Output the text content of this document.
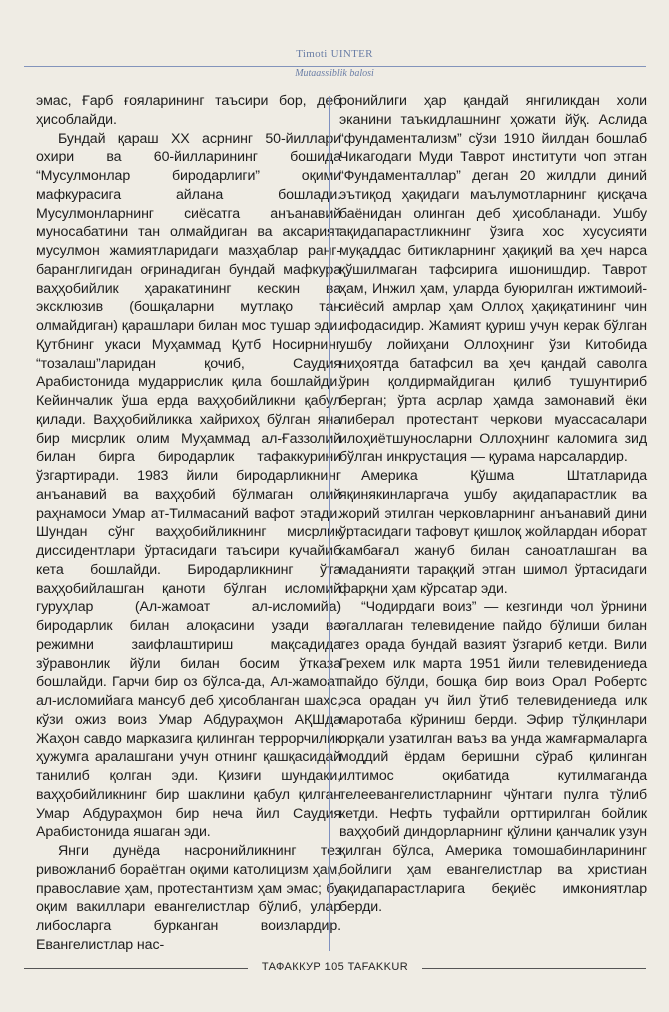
Timoti UINTER
Mutaassiblik balosi

эмас, Ғарб ғояларининг таъсири бор, деб ҳисоблайди.

Бундай қараш XX асрнинг 50-йиллари охири ва 60-йилларининг бошида “Мусулмонлар биродарлиги” оқими мафкурасига айлана бошлади. Мусулмонларнинг сиёсатга анъанавий муносабатини тан олмайдиган ва аксарият мусулмон жамиятларидаги мазҳаблар ранг-баранглигидан оғринадиган бундай мафкура ваҳҳобийлик ҳаракатининг кескин ва эксклюзив (бошқаларни мутлақо тан олмайдиган) қарашлари билан мос тушар эди. Қутбнинг укаси Муҳаммад Қутб Носирнинг “тозалаш”ларидан қочиб, Саудия Арабистонида мударрислик қила бошлайди. Кейинчалик ўша ерда ваҳҳобийликни қабул қилади. Ваҳҳобийликка хайрихоҳ бўлган яна бир мисрлик олим Муҳаммад ал-Ғаззолий билан бирга биродарлик тафаккурини ўзгартиради. 1983 йили биродарликнинг анъанавий ва ваҳҳобий бўлмаган олий раҳнамоси Умар ат-Тилмасаний вафот этади. Шундан сўнг ваҳҳобийликнинг мисрлик диссидентлари ўртасидаги таъсири кучайиб кета бошлайди. Биродарликнинг ўта ваҳҳобийлашган қаноти бўлган исломий гуруҳлар (Ал-жамоат ал-исломийа) биродарлик билан алоқасини узади ва режимни заифлаштириш мақсадида зўравонлик йўли билан босим ўтказа бошлайди. Гарчи бир оз бўлса-да, Ал-жамоат ал-исломийага мансуб деб ҳисобланган шахс, кўзи ожиз воиз Умар Абдураҳмон АҚШда Жаҳон савдо марказига қилинган террорчилик ҳужумга аралашгани учун отнинг қашқасидай танилиб қолган эди. Қизиғи шундаки, ваҳҳобийликнинг бир шаклини қабул қилган Умар Абдураҳмон бир неча йил Саудия Арабистонида яшаган эди.

Янги дунёда насронийликнинг тез ривожланиб бораётган оқими католицизм ҳам, православие ҳам, протестантизм ҳам эмас; бу оқим вакиллари евангелистлар бўлиб, улар либосларга бурканган воизлардир. Евангелистлар нас-

ронийлиги ҳар қандай янгиликдан холи эканини таъкидлашнинг ҳожати йўқ. Аслида “фундаментализм” сўзи 1910 йилдан бошлаб Чикагодаги Муди Таврот институти чоп этган “Фундаменталлар” деган 20 жилдли диний эътиқод ҳақидаги маълумотларнинг қисқача баёнидан олинган деб ҳисобланади. Ушбу ақидапарастликнинг ўзига хос хусусияти муқаддас битикларнинг ҳақиқий ва ҳеч нарса қўшилмаган тафсирига ишонишдир. Таврот ҳам, Инжил ҳам, уларда буюрилган ижтимоий-сиёсий амрлар ҳам Оллоҳ ҳақиқатининг чин ифодасидир. Жамият қуриш учун керак бўлган ушбу лойиҳани Оллоҳнинг ўзи Китобида ниҳоятда батафсил ва ҳеч қандай саволга ўрин қолдирмайдиган қилиб тушунтириб берган; ўрта асрлар ҳамда замонавий ёки либерал протестант черкови муассасалари илоҳиётшуносларни Оллоҳнинг каломига зид бўлган инкрустация — қурама нарсалардир.

Америка Қўшма Штатларида яқинякинларгача ушбу ақидапарастлик ва жорий этилган черковларнинг анъанавий дини ўртасидаги тафовут қишлоқ жойлардан иборат камбағал жануб билан саноатлашган ва маданияти тараққий этган шимол ўртасидаги фарқни ҳам кўрсатар эди.

“Чодирдаги воиз” — кезгинди чол ўрнини эгаллаган телевидение пайдо бўлиши билан тез орада бундай вазият ўзгариб кетди. Вили Грехем илк марта 1951 йили телевидениеда пайдо бўлди, бошқа бир воиз Орал Робертс эса орадан уч йил ўтиб телевидениеда илк маротаба кўриниш берди. Эфир тўлқинлари орқали узатилган ваъз ва унда жамғармаларга моддий ёрдам беришни сўраб қилинган илтимос оқибатида кутилмаганда телеевангелистларнинг чўнтаги пулга тўлиб кетди. Нефть туфайли орттирилган бойлик ваҳҳобий диндорларнинг қўлини қанчалик узун қилган бўлса, Америка томошабинларининг бойлиги ҳам евангелистлар ва христиан ақидапарастларига беқиёс имкониятлар берди.

ТАФАККУР 105 TAFAKKUR
